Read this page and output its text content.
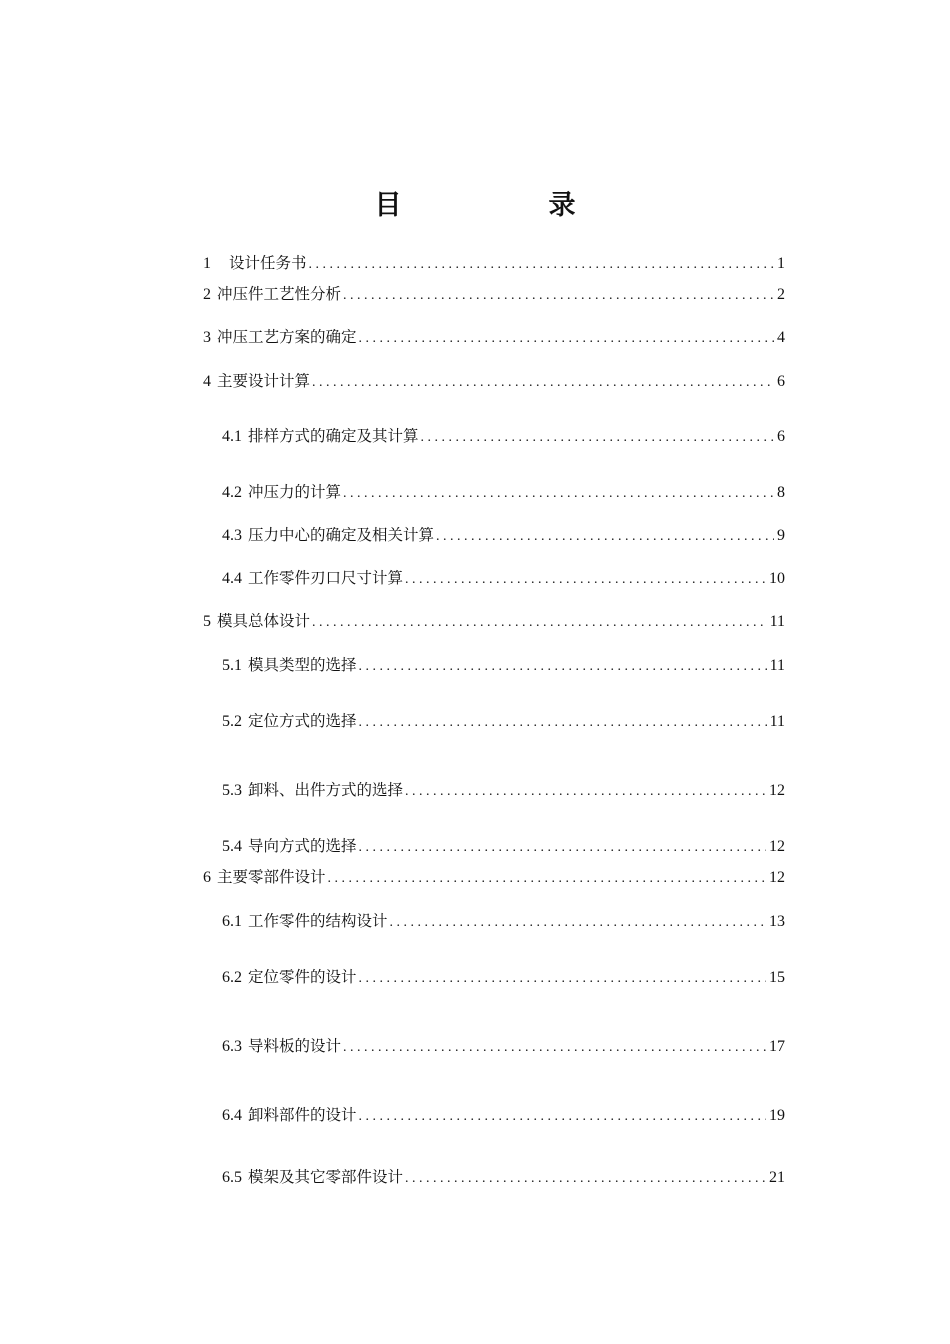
目　录
1 设计任务书 . . .	1
2 冲压件工艺性分析 . . .	2
3 冲压工艺方案的确定 . . .	4
4 主要设计计算 . . .	6
4.1 排样方式的确定及其计算 . . .	6
4.2 冲压力的计算 . . .	8
4.3 压力中心的确定及相关计算 . . .	9
4.4 工作零件刃口尺寸计算 . . .	10
5 模具总体设计 . . .	11
5.1 模具类型的选择 . . .	11
5.2 定位方式的选择 . . .	11
5.3 卸料、出件方式的选择 . . .	12
5.4 导向方式的选择 . . .	12
6 主要零部件设计 . . .	12
6.1 工作零件的结构设计 . . .	13
6.2 定位零件的设计 . . .	15
6.3 导料板的设计 . . .	17
6.4 卸料部件的设计 . . .	19
6.5 模架及其它零部件设计 . . .	21
